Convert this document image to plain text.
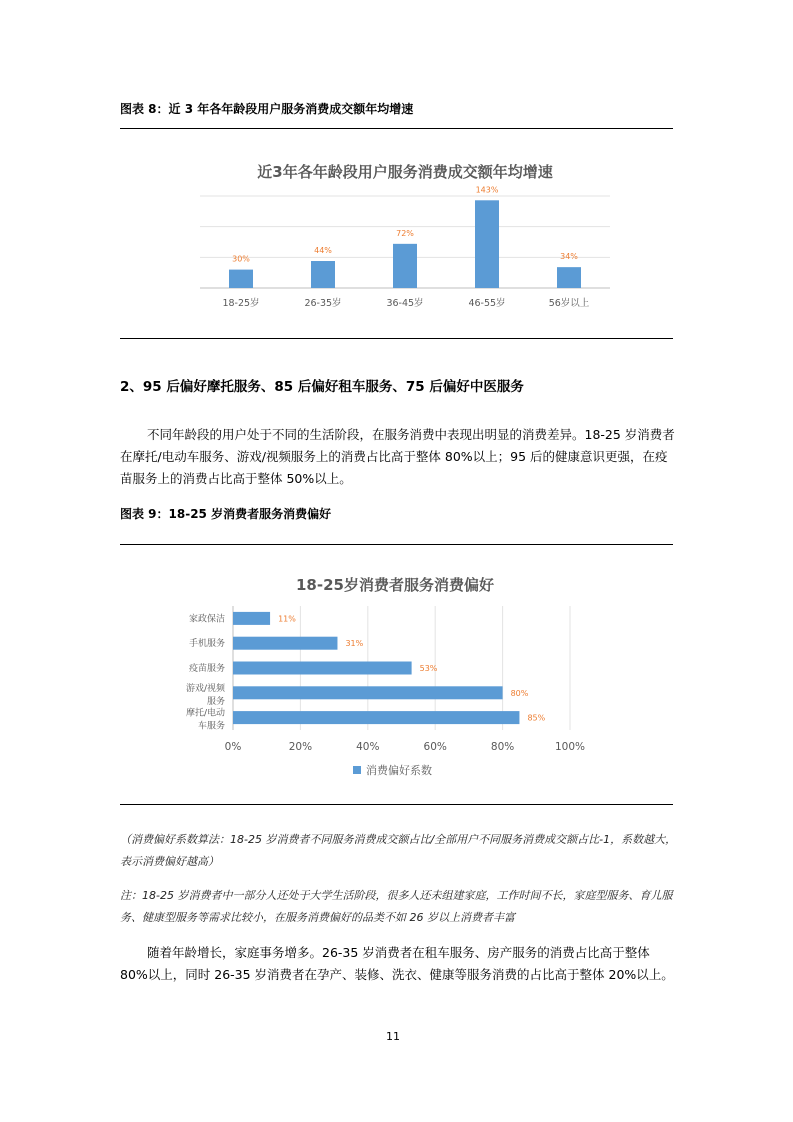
图表 8：近 3 年各年龄段用户服务消费成交额年均增速
近3年各年龄段用户服务消费成交额年均增速
30%
44%
72%
143%
34%
18-25岁	26-35岁	36-45岁	46-55岁	56岁以上
2、95 后偏好摩托服务、85 后偏好租车服务、75 后偏好中医服务
不同年龄段的用户处于不同的生活阶段，在服务消费中表现出明显的消费差异。18-25 岁消费者在摩托/电动车服务、游戏/视频服务上的消费占比高于整体 80%以上；95 后的健康意识更强，在疫苗服务上的消费占比高于整体 50%以上。
图表 9：18-25 岁消费者服务消费偏好
18-25岁消费者服务消费偏好
11%
31%
53%
80%
85%
家政保洁
手机服务
疫苗服务
游戏/视频服务
摩托/电动车服务
0%	20%	40%	60%	80%	100%
消费偏好系数
（消费偏好系数算法：18-25 岁消费者不同服务消费成交额占比/全部用户不同服务消费成交额占比-1，系数越大，表示消费偏好越高）
注：18-25 岁消费者中一部分人还处于大学生活阶段，很多人还未组建家庭，工作时间不长，家庭型服务、育儿服务、健康型服务等需求比较小，在服务消费偏好的品类不如 26 岁以上消费者丰富
随着年龄增长，家庭事务增多。26-35 岁消费者在租车服务、房产服务的消费占比高于整体 80%以上，同时 26-35 岁消费者在孕产、装修、洗衣、健康等服务消费的占比高于整体 20%以上。
11
